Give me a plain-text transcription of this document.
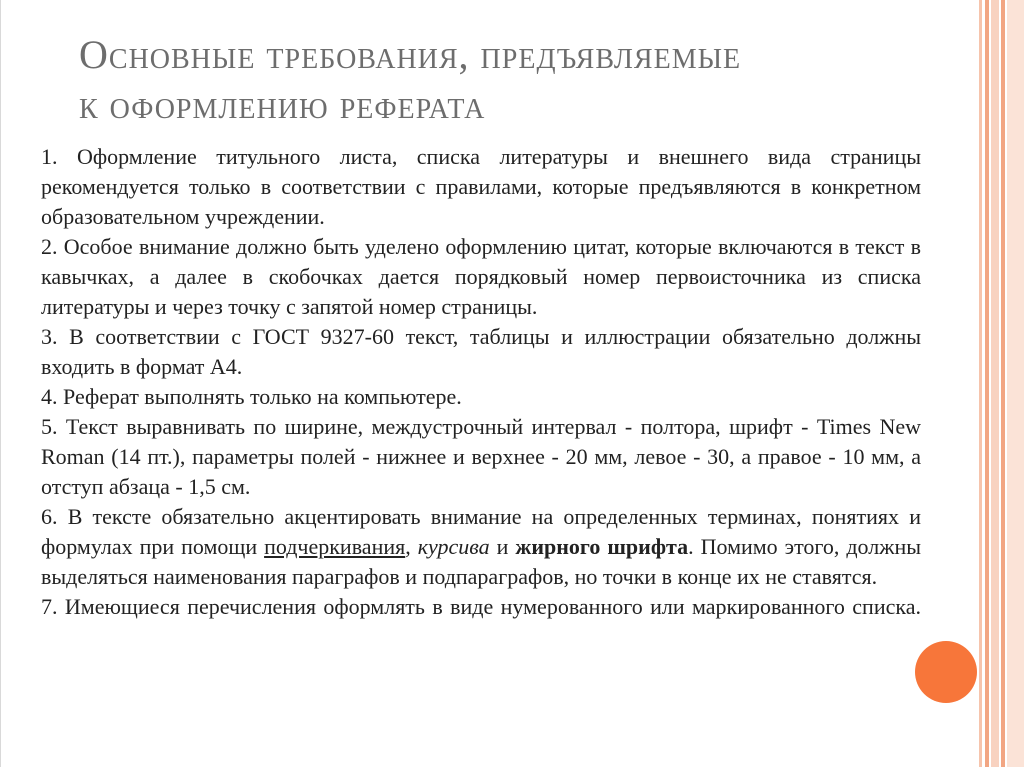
Основные требования, предъявляемые
к оформлению реферата

1. Оформление титульного листа, списка литературы и внешнего вида страницы рекомендуется только в соответствии с правилами, которые предъявляются в конкретном образовательном учреждении.

2. Особое внимание должно быть уделено оформлению цитат, которые включаются в текст в кавычках, а далее в скобочках дается порядковый номер первоисточника из списка литературы и через точку с запятой номер страницы.

3. В соответствии с ГОСТ 9327-60 текст, таблицы и иллюстрации обязательно должны входить в формат А4.

4. Реферат выполнять только на компьютере.

5. Текст выравнивать по ширине, междустрочный интервал - полтора, шрифт - Times New Roman (14 пт.), параметры полей - нижнее и верхнее - 20 мм, левое - 30, а правое - 10 мм, а отступ абзаца - 1,5 см.

6. В тексте обязательно акцентировать внимание на определенных терминах, понятиях и формулах при помощи подчеркивания, курсива и жирного шрифта. Помимо этого, должны выделяться наименования параграфов и подпараграфов, но точки в конце их не ставятся.

7. Имеющиеся перечисления оформлять в виде нумерованного или маркированного списка.
